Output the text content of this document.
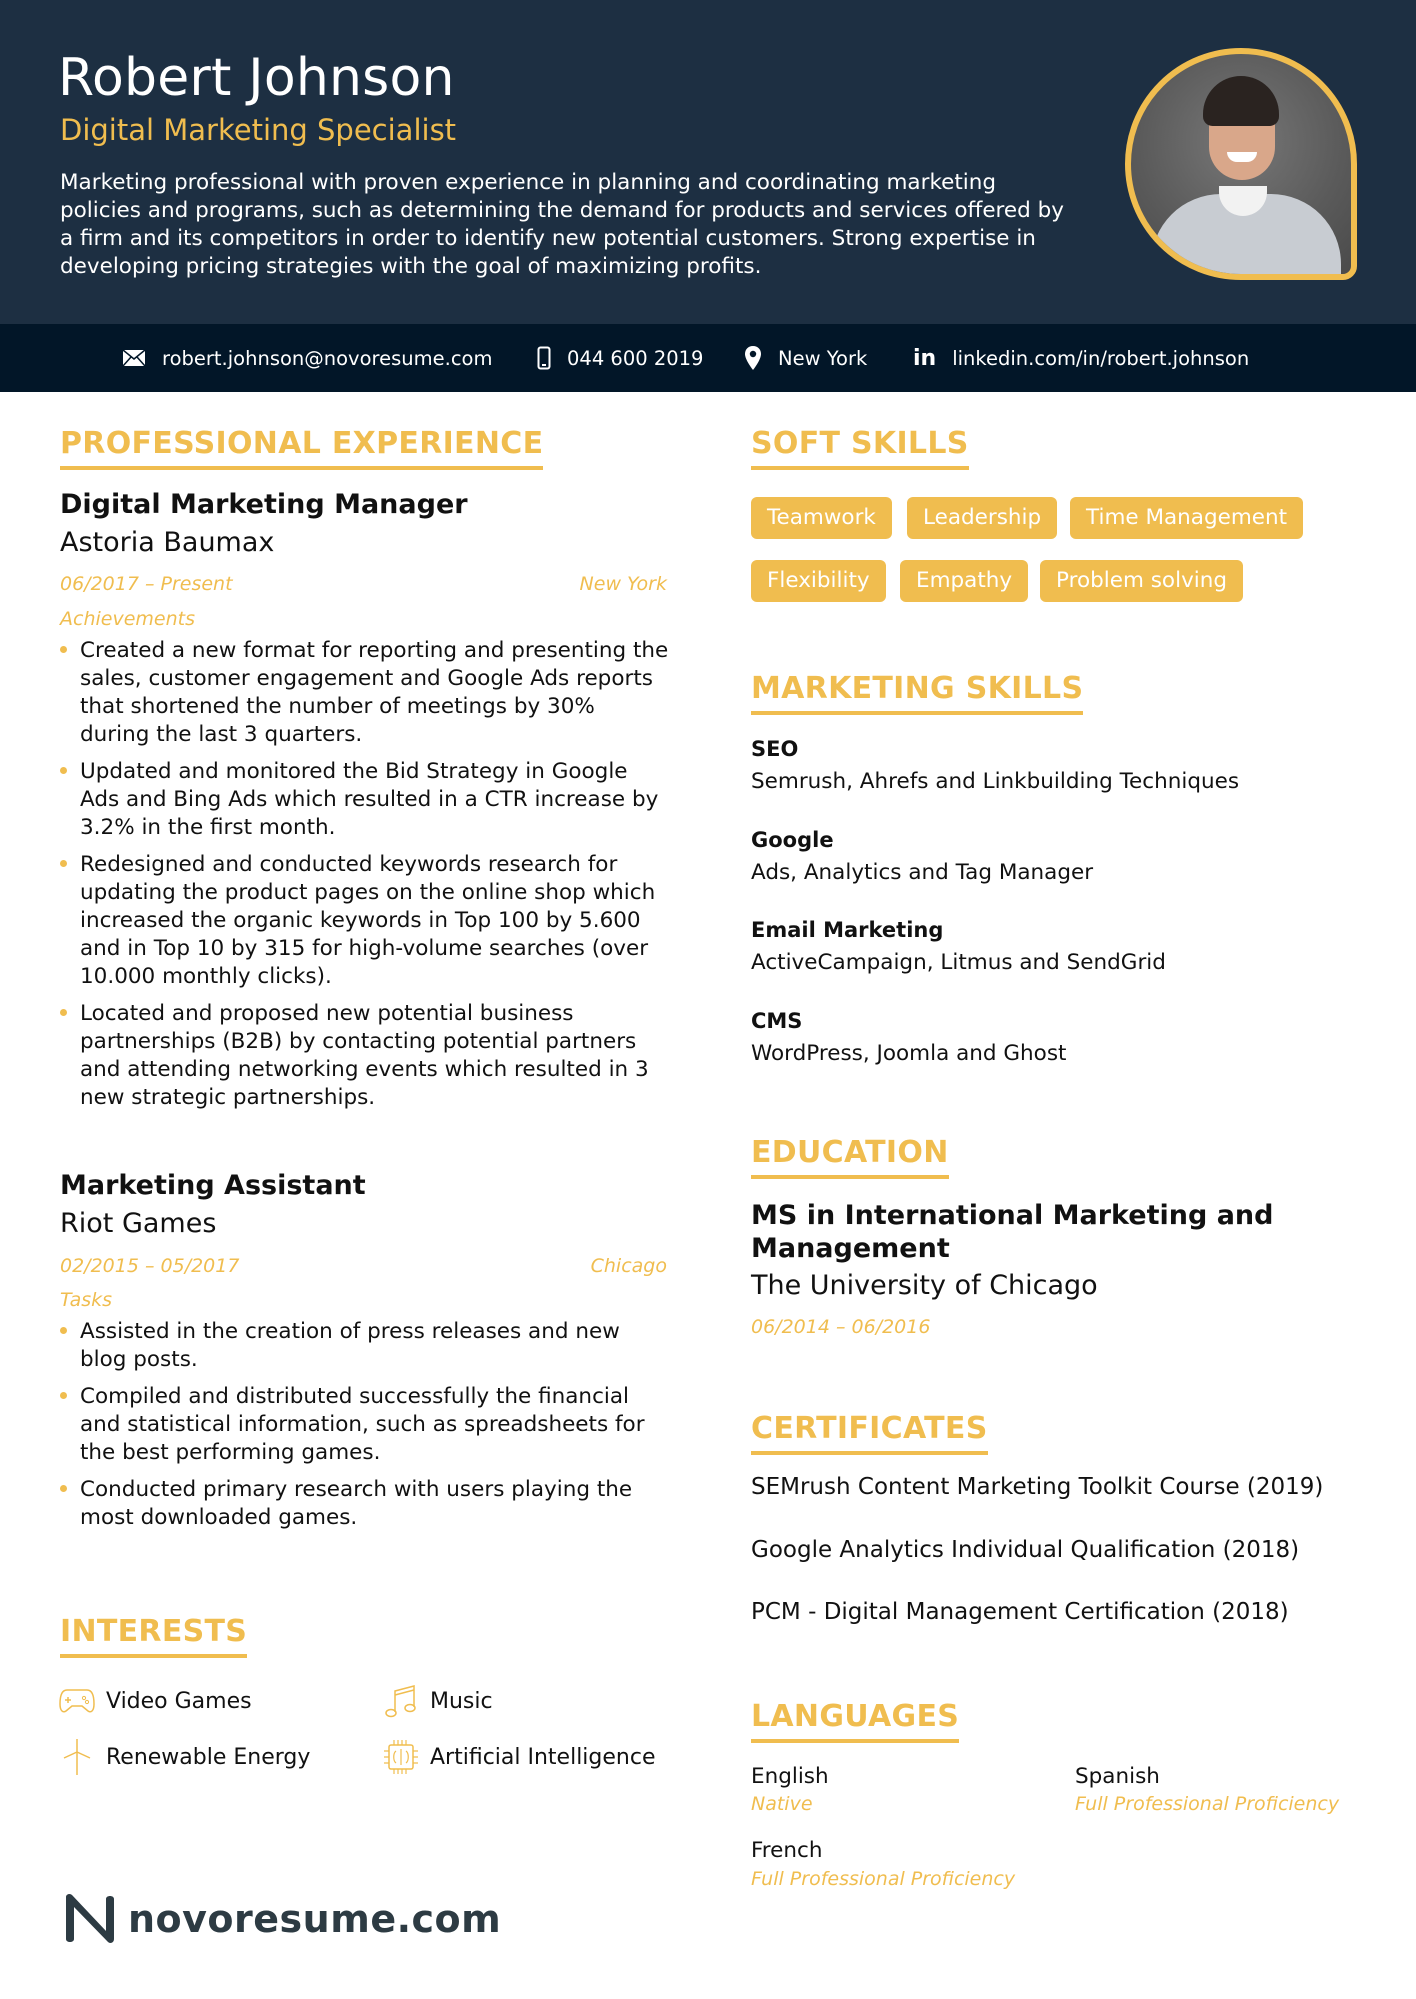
Robert Johnson
Digital Marketing Specialist
Marketing professional with proven experience in planning and coordinating marketing policies and programs, such as determining the demand for products and services offered by a firm and its competitors in order to identify new potential customers. Strong expertise in developing pricing strategies with the goal of maximizing profits.
robert.johnson@novoresume.com	044 600 2019	New York in linkedin.com/in/robert.johnson
PROFESSIONAL EXPERIENCE
Digital Marketing Manager
Astoria Baumax
06/2017 – Present	New York
Achievements
Created a new format for reporting and presenting the sales, customer engagement and Google Ads reports that shortened the number of meetings by 30% during the last 3 quarters.
Updated and monitored the Bid Strategy in Google Ads and Bing Ads which resulted in a CTR increase by 3.2% in the first month.
Redesigned and conducted keywords research for updating the product pages on the online shop which increased the organic keywords in Top 100 by 5.600 and in Top 10 by 315 for high-volume searches (over 10.000 monthly clicks).
Located and proposed new potential business partnerships (B2B) by contacting potential partners and attending networking events which resulted in 3 new strategic partnerships.
Marketing Assistant
Riot Games
02/2015 – 05/2017	Chicago
Tasks
Assisted in the creation of press releases and new blog posts.
Compiled and distributed successfully the financial and statistical information, such as spreadsheets for the best performing games.
Conducted primary research with users playing the most downloaded games.
INTERESTS
Video Games	Music
Renewable Energy	Artificial Intelligence
novoresume.com
SOFT SKILLS
Teamwork	Leadership	Time Management
Flexibility	Empathy	Problem solving
MARKETING SKILLS
SEO
Semrush, Ahrefs and Linkbuilding Techniques
Google
Ads, Analytics and Tag Manager
Email Marketing
ActiveCampaign, Litmus and SendGrid
CMS
WordPress, Joomla and Ghost
EDUCATION
MS in International Marketing and Management
The University of Chicago
06/2014 – 06/2016
CERTIFICATES
SEMrush Content Marketing Toolkit Course (2019)
Google Analytics Individual Qualification (2018)
PCM - Digital Management Certification (2018)
LANGUAGES
English
Native
Spanish
Full Professional Proficiency
French
Full Professional Proficiency
